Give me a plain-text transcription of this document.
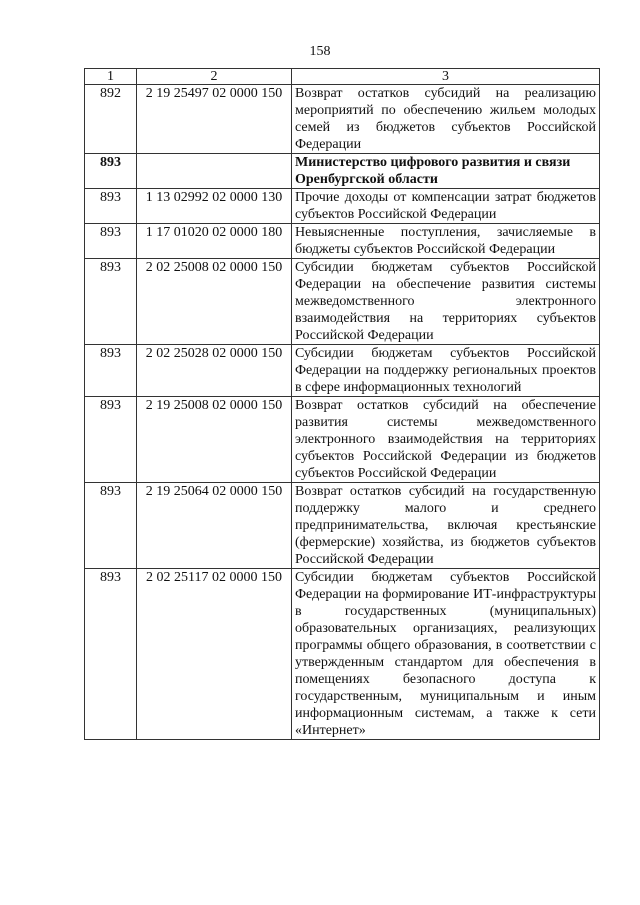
158
1	2	3
892	2 19 25497 02 0000 150	Возврат остатков субсидий на реализацию мероприятий по обеспечению жильем молодых семей из бюджетов субъектов Российской Федерации
893		Министерство цифрового развития и связи Оренбургской области
893	1 13 02992 02 0000 130	Прочие доходы от компенсации затрат бюджетов субъектов Российской Федерации
893	1 17 01020 02 0000 180	Невыясненные поступления, зачисляемые в бюджеты субъектов Российской Федерации
893	2 02 25008 02 0000 150	Субсидии бюджетам субъектов Российской Федерации на обеспечение развития системы межведомственного электронного взаимодействия на территориях субъектов Российской Федерации
893	2 02 25028 02 0000 150	Субсидии бюджетам субъектов Российской Федерации на поддержку региональных проектов в сфере информационных технологий
893	2 19 25008 02 0000 150	Возврат остатков субсидий на обеспечение развития системы межведомственного электронного взаимодействия на территориях субъектов Российской Федерации из бюджетов субъектов Российской Федерации
893	2 19 25064 02 0000 150	Возврат остатков субсидий на государственную поддержку малого и среднего предпринимательства, включая крестьянские (фермерские) хозяйства, из бюджетов субъектов Российской Федерации
893	2 02 25117 02 0000 150	Субсидии бюджетам субъектов Российской Федерации на формирование ИТ-инфраструктуры в государственных (муниципальных) образовательных организациях, реализующих программы общего образования, в соответствии с утвержденным стандартом для обеспечения в помещениях безопасного доступа к государственным, муниципальным и иным информационным системам, а также к сети «Интернет»
